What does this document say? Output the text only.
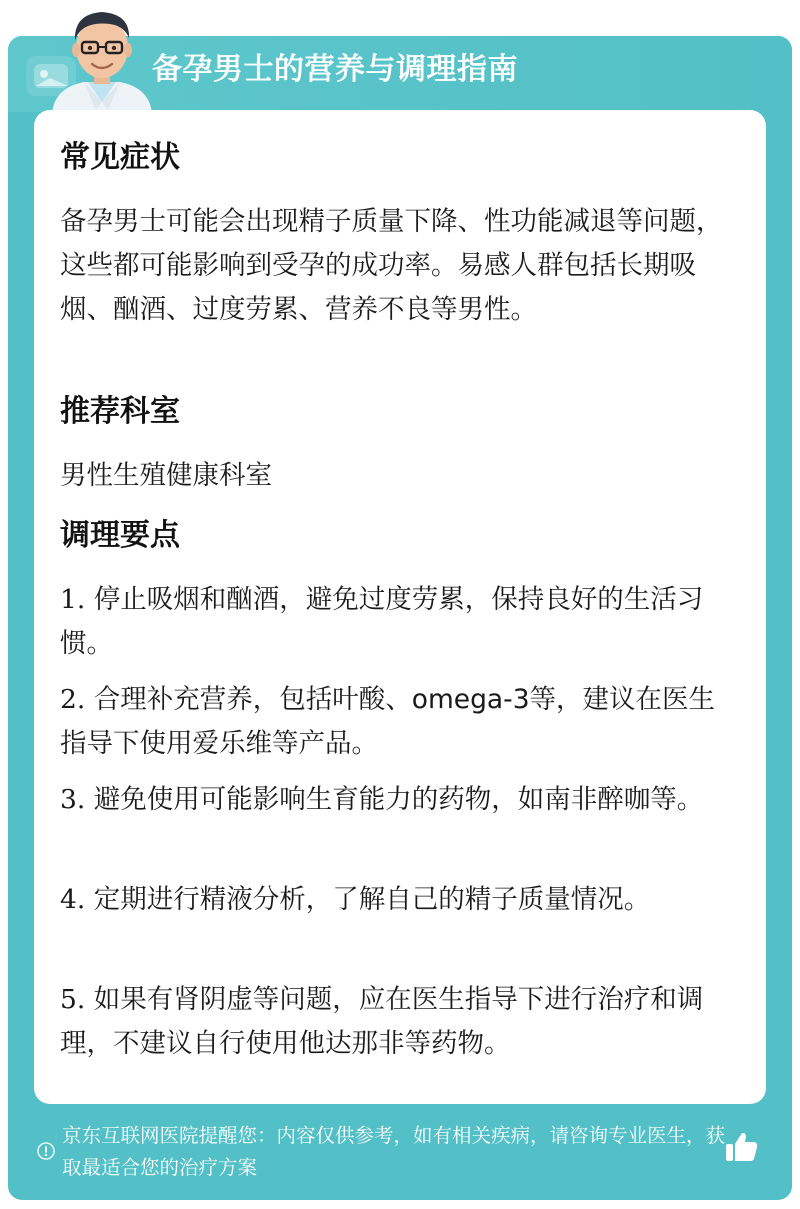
备孕男士的营养与调理指南
常见症状
备孕男士可能会出现精子质量下降、性功能减退等问题，这些都可能影响到受孕的成功率。易感人群包括长期吸烟、酗酒、过度劳累、营养不良等男性。
推荐科室
男性生殖健康科室
调理要点
1. 停止吸烟和酗酒，避免过度劳累，保持良好的生活习惯。
2. 合理补充营养，包括叶酸、omega-3等，建议在医生指导下使用爱乐维等产品。
3. 避免使用可能影响生育能力的药物，如南非醉咖等。
4. 定期进行精液分析，了解自己的精子质量情况。
5. 如果有肾阴虚等问题，应在医生指导下进行治疗和调理，不建议自行使用他达那非等药物。
京东互联网医院提醒您：内容仅供参考，如有相关疾病，请咨询专业医生，获取最适合您的治疗方案
